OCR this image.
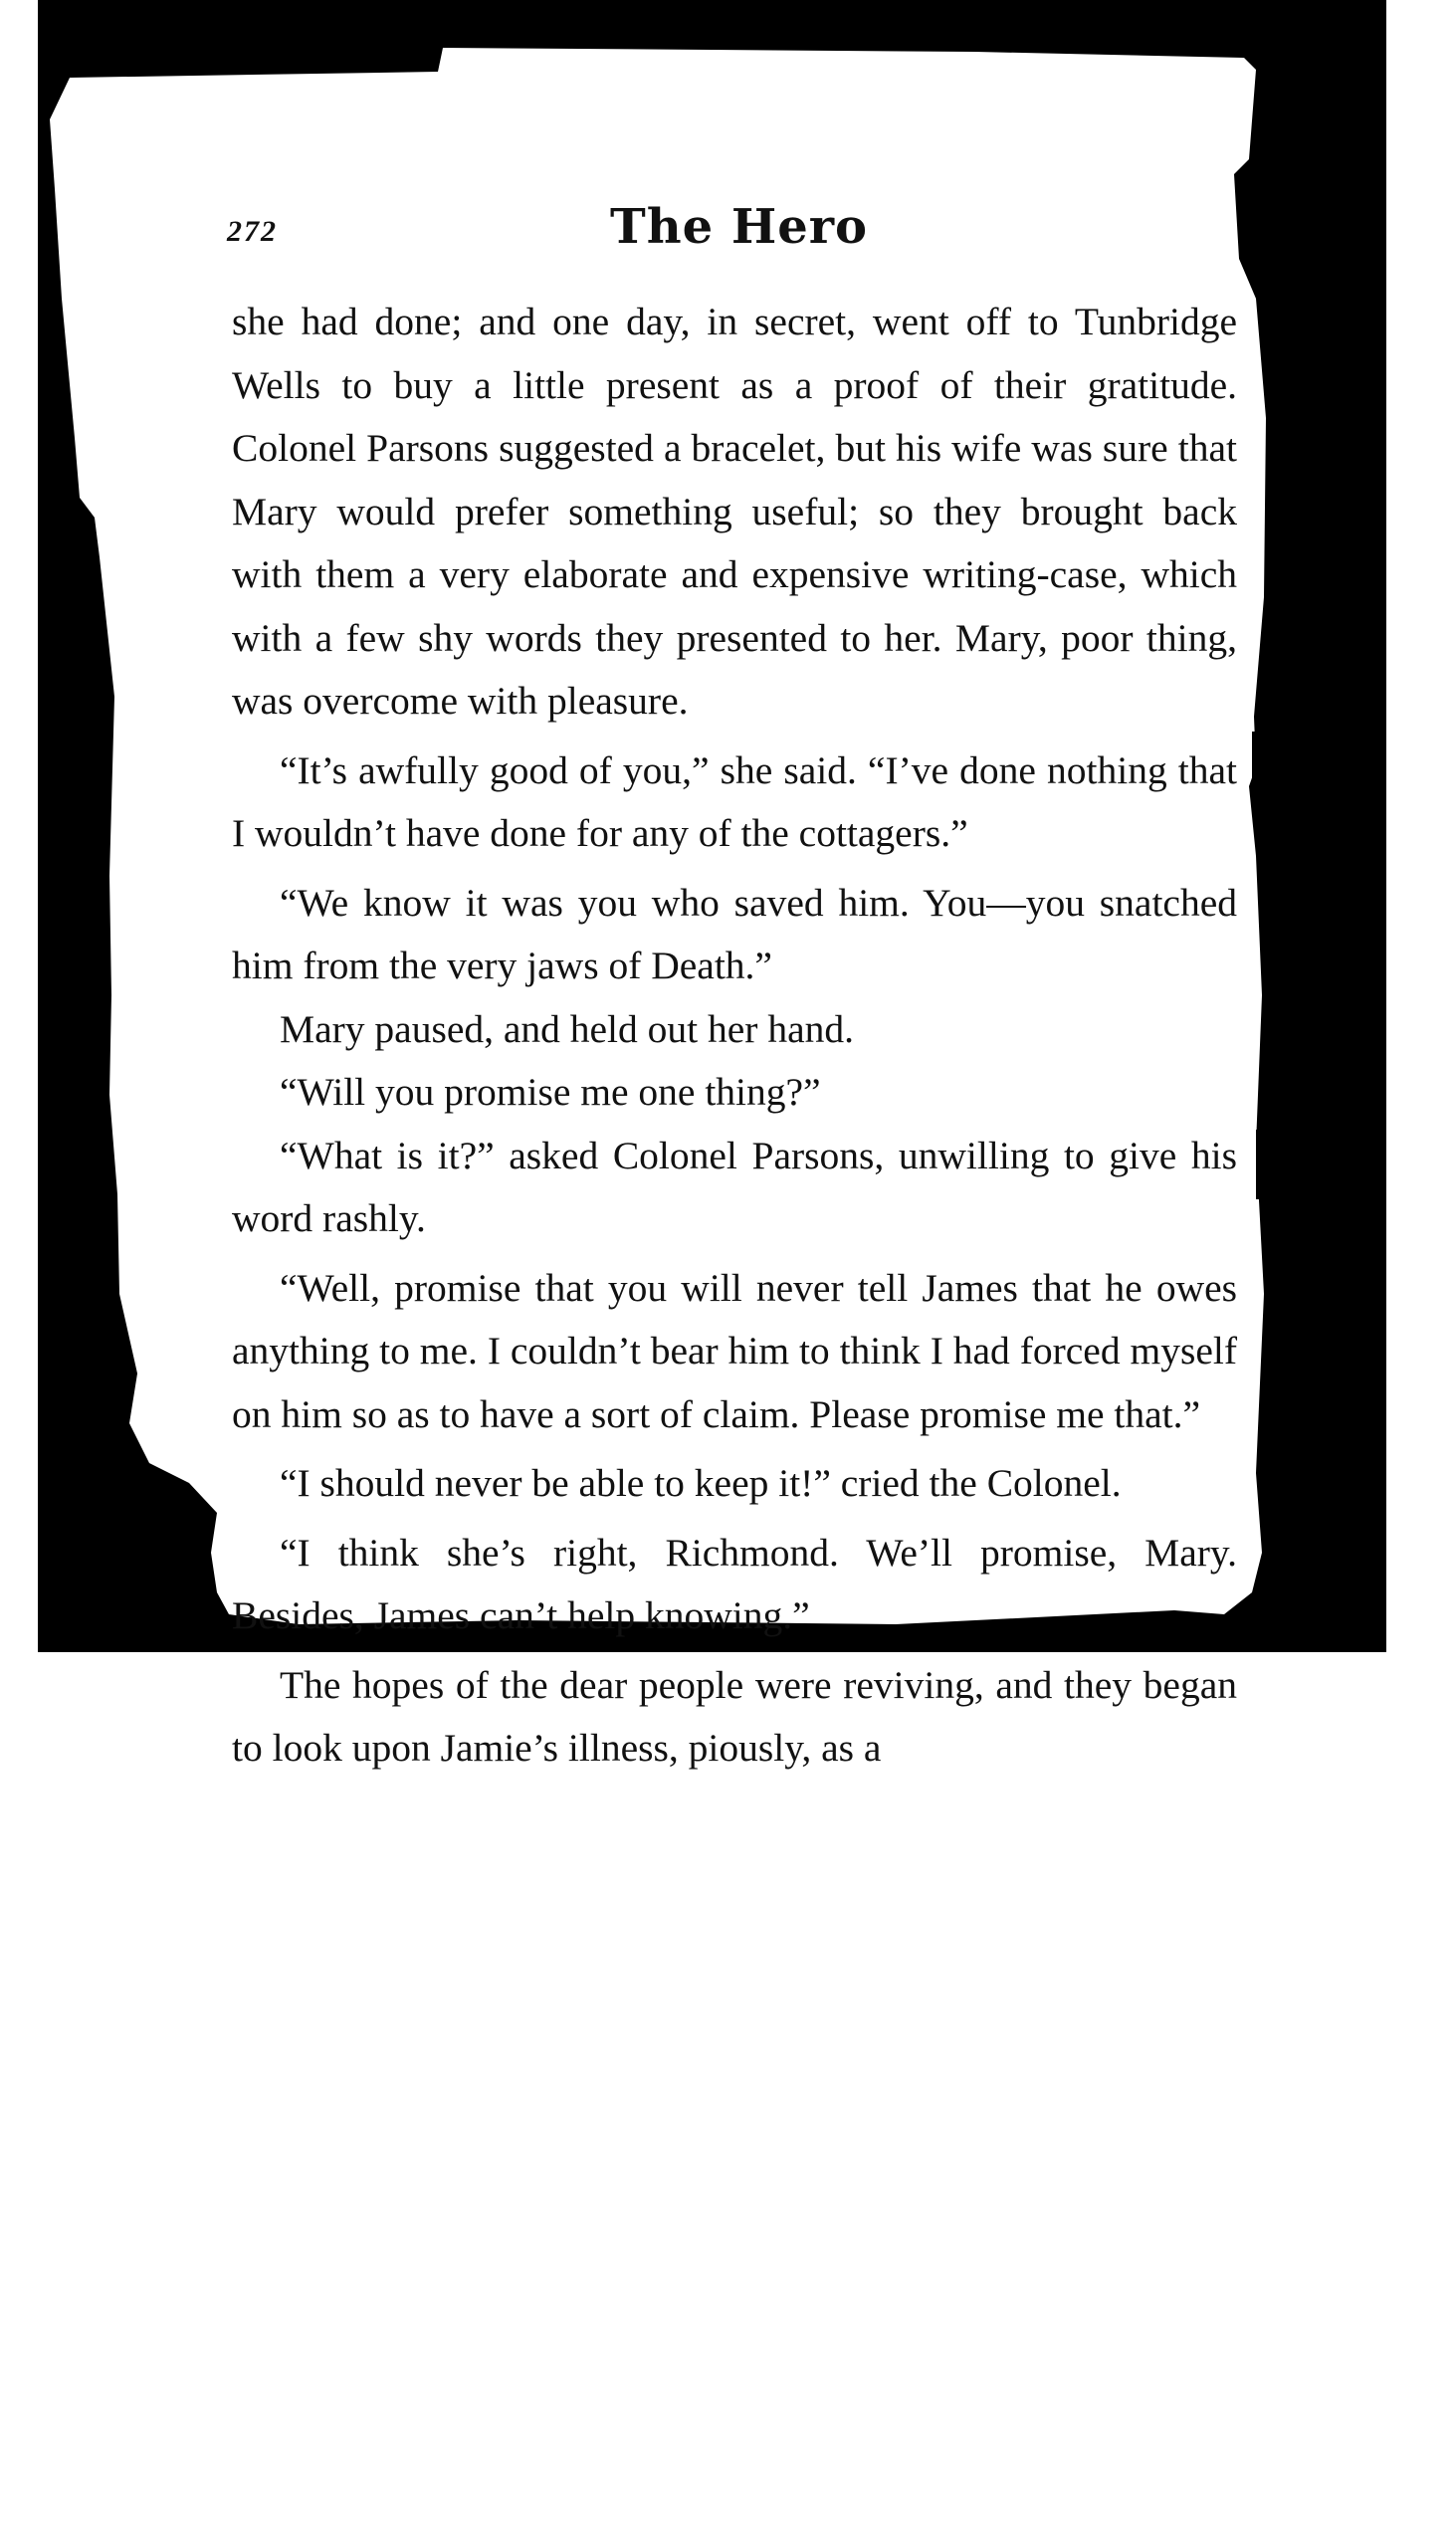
272	The Hero

she had done; and one day, in secret, went off to Tunbridge Wells to buy a little present as a proof of their gratitude. Colonel Parsons suggested a bracelet, but his wife was sure that Mary would prefer something useful; so they brought back with them a very elaborate and expensive writing-case, which with a few shy words they presented to her. Mary, poor thing, was overcome with pleasure.

“It’s awfully good of you,” she said. “I’ve done nothing that I wouldn’t have done for any of the cottagers.”

“We know it was you who saved him. You—you snatched him from the very jaws of Death.”

Mary paused, and held out her hand.

“Will you promise me one thing?”

“What is it?” asked Colonel Parsons, unwilling to give his word rashly.

“Well, promise that you will never tell James that he owes anything to me. I couldn’t bear him to think I had forced myself on him so as to have a sort of claim. Please promise me that.”

“I should never be able to keep it!” cried the Colonel.

“I think she’s right, Richmond. We’ll promise, Mary. Besides, James can’t help knowing.”

The hopes of the dear people were reviving, and they began to look upon Jamie’s illness, piously, as a
